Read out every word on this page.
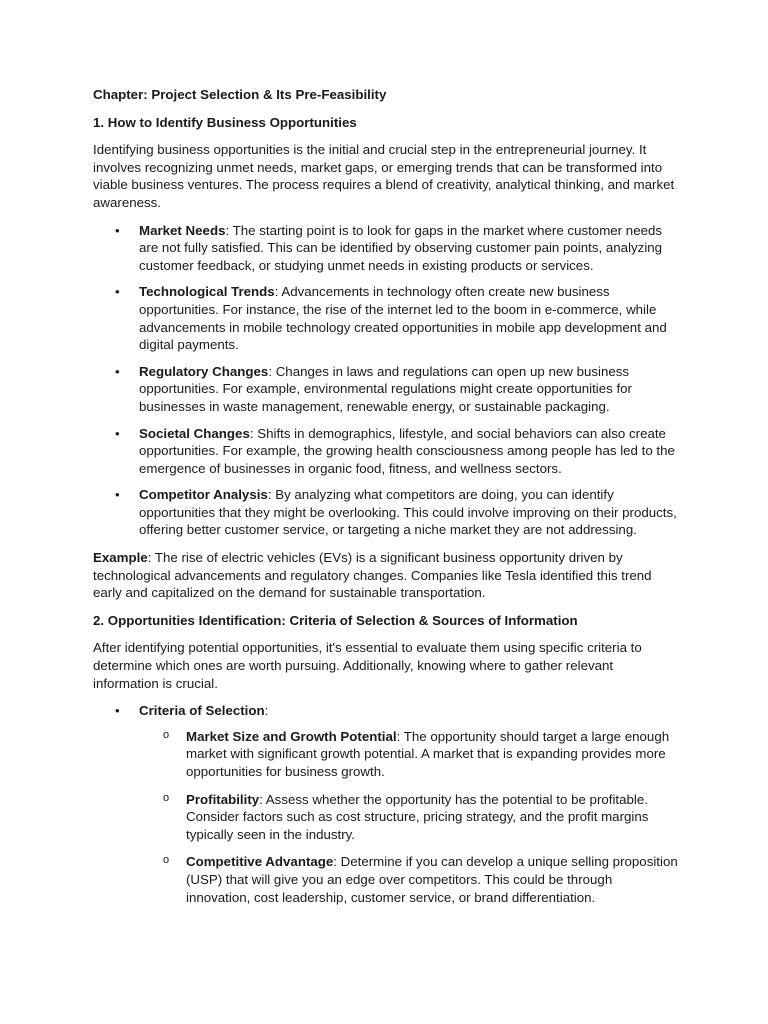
Chapter: Project Selection & Its Pre-Feasibility
1. How to Identify Business Opportunities
Identifying business opportunities is the initial and crucial step in the entrepreneurial journey. It involves recognizing unmet needs, market gaps, or emerging trends that can be transformed into viable business ventures. The process requires a blend of creativity, analytical thinking, and market awareness.
• Market Needs: The starting point is to look for gaps in the market where customer needs are not fully satisfied. This can be identified by observing customer pain points, analyzing customer feedback, or studying unmet needs in existing products or services.
• Technological Trends: Advancements in technology often create new business opportunities. For instance, the rise of the internet led to the boom in e-commerce, while advancements in mobile technology created opportunities in mobile app development and digital payments.
• Regulatory Changes: Changes in laws and regulations can open up new business opportunities. For example, environmental regulations might create opportunities for businesses in waste management, renewable energy, or sustainable packaging.
• Societal Changes: Shifts in demographics, lifestyle, and social behaviors can also create opportunities. For example, the growing health consciousness among people has led to the emergence of businesses in organic food, fitness, and wellness sectors.
• Competitor Analysis: By analyzing what competitors are doing, you can identify opportunities that they might be overlooking. This could involve improving on their products, offering better customer service, or targeting a niche market they are not addressing.
Example: The rise of electric vehicles (EVs) is a significant business opportunity driven by technological advancements and regulatory changes. Companies like Tesla identified this trend early and capitalized on the demand for sustainable transportation.
2. Opportunities Identification: Criteria of Selection & Sources of Information
After identifying potential opportunities, it's essential to evaluate them using specific criteria to determine which ones are worth pursuing. Additionally, knowing where to gather relevant information is crucial.
• Criteria of Selection:
o Market Size and Growth Potential: The opportunity should target a large enough market with significant growth potential. A market that is expanding provides more opportunities for business growth.
o Profitability: Assess whether the opportunity has the potential to be profitable. Consider factors such as cost structure, pricing strategy, and the profit margins typically seen in the industry.
o Competitive Advantage: Determine if you can develop a unique selling proposition (USP) that will give you an edge over competitors. This could be through innovation, cost leadership, customer service, or brand differentiation.
